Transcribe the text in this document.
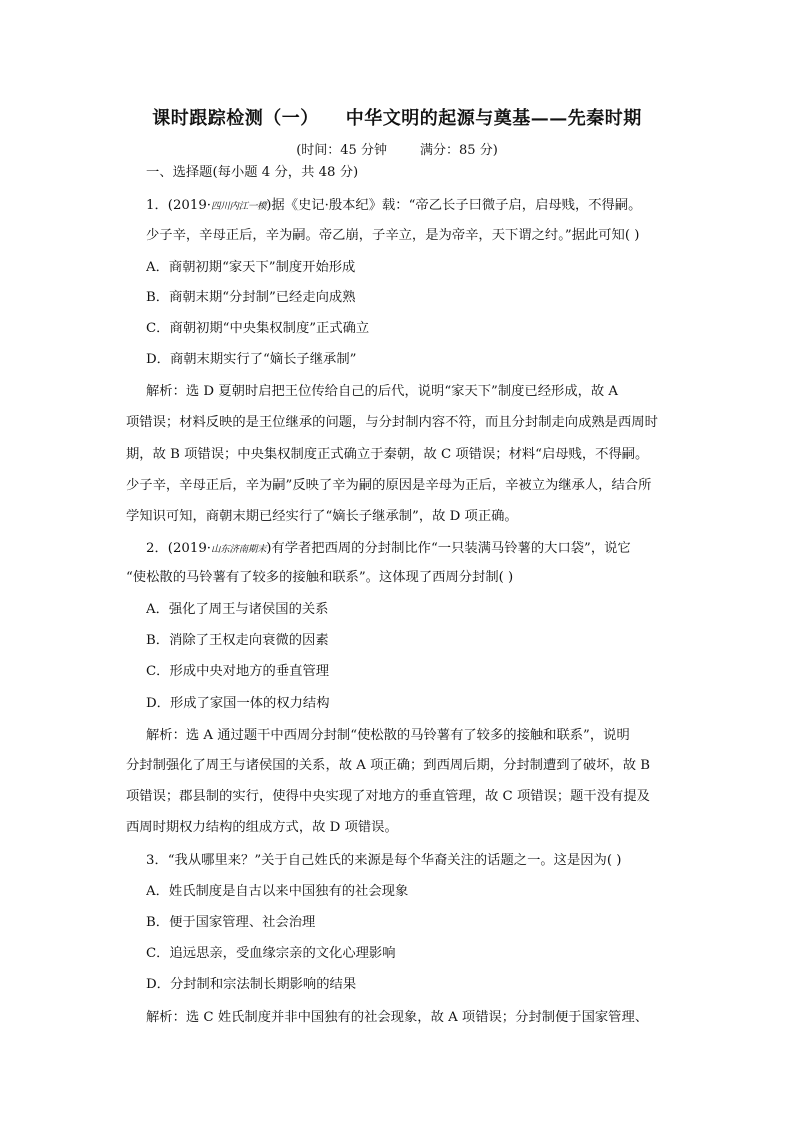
课时跟踪检测（一）    中华文明的起源与奠基——先秦时期
(时间：45 分钟        满分：85 分)
一、选择题(每小题 4 分，共 48 分)
1．(2019·四川内江一模)据《史记·殷本纪》载：“帝乙长子曰微子启，启母贱，不得嗣。
少子辛，辛母正后，辛为嗣。帝乙崩，子辛立，是为帝辛，天下谓之纣。”据此可知( )
A．商朝初期“家天下”制度开始形成
B．商朝末期“分封制”已经走向成熟
C．商朝初期“中央集权制度”正式确立
D．商朝末期实行了“嫡长子继承制”
解析：选 D 夏朝时启把王位传给自己的后代，说明“家天下”制度已经形成，故 A
项错误；材料反映的是王位继承的问题，与分封制内容不符，而且分封制走向成熟是西周时
期，故 B 项错误；中央集权制度正式确立于秦朝，故 C 项错误；材料“启母贱，不得嗣。
少子辛，辛母正后，辛为嗣”反映了辛为嗣的原因是辛母为正后，辛被立为继承人，结合所
学知识可知，商朝末期已经实行了“嫡长子继承制”，故 D 项正确。
2．(2019·山东济南期末)有学者把西周的分封制比作“一只装满马铃薯的大口袋”，说它
“使松散的马铃薯有了较多的接触和联系”。这体现了西周分封制( )
A．强化了周王与诸侯国的关系
B．消除了王权走向衰微的因素
C．形成中央对地方的垂直管理
D．形成了家国一体的权力结构
解析：选 A 通过题干中西周分封制“使松散的马铃薯有了较多的接触和联系”，说明
分封制强化了周王与诸侯国的关系，故 A 项正确；到西周后期，分封制遭到了破坏，故 B
项错误；郡县制的实行，使得中央实现了对地方的垂直管理，故 C 项错误；题干没有提及
西周时期权力结构的组成方式，故 D 项错误。
3．“我从哪里来？”关于自己姓氏的来源是每个华裔关注的话题之一。这是因为( )
A．姓氏制度是自古以来中国独有的社会现象
B．便于国家管理、社会治理
C．追远思亲，受血缘宗亲的文化心理影响
D．分封制和宗法制长期影响的结果
解析：选 C 姓氏制度并非中国独有的社会现象，故 A 项错误；分封制便于国家管理、
